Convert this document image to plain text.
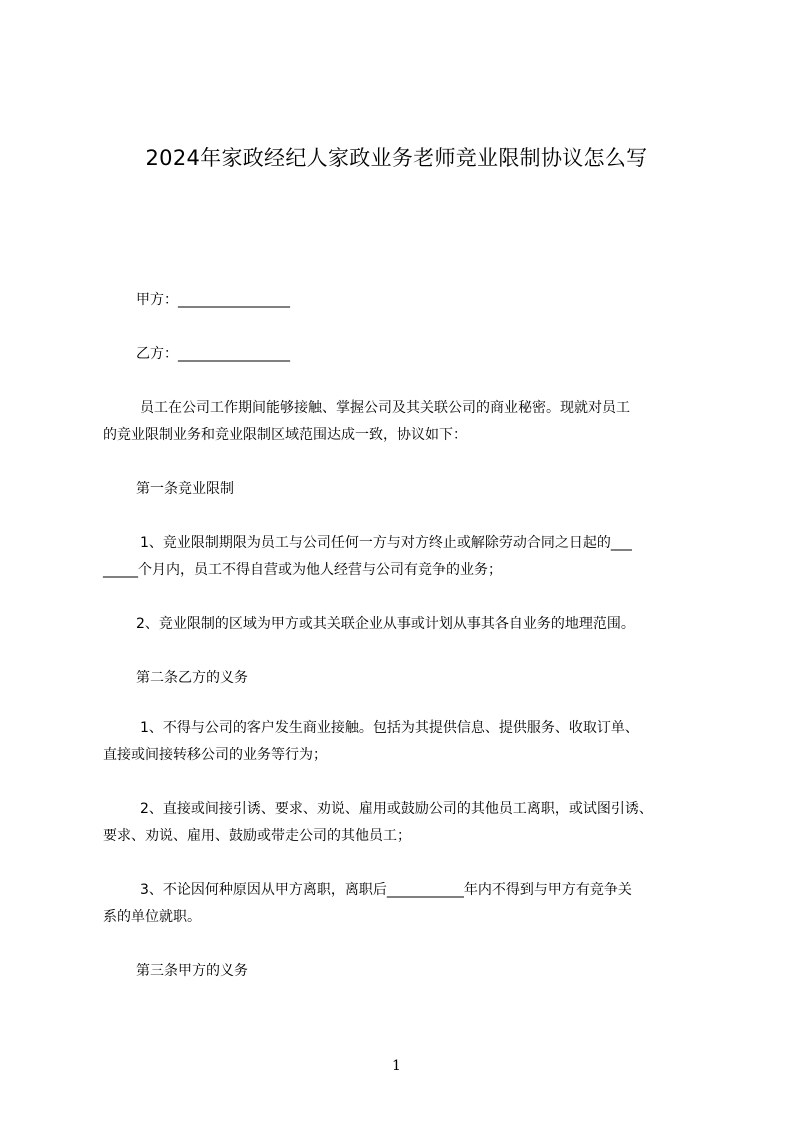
2024年家政经纪人家政业务老师竞业限制协议怎么写
甲方：________________
乙方：________________
员工在公司工作期间能够接触、掌握公司及其关联公司的商业秘密。现就对员工
的竞业限制业务和竞业限制区域范围达成一致，协议如下：
第一条竞业限制
1、竞业限制期限为员工与公司任何一方与对方终止或解除劳动合同之日起的___
_____个月内，员工不得自营或为他人经营与公司有竞争的业务；
2、竞业限制的区域为甲方或其关联企业从事或计划从事其各自业务的地理范围。
第二条乙方的义务
1、不得与公司的客户发生商业接触。包括为其提供信息、提供服务、收取订单、
直接或间接转移公司的业务等行为；
2、直接或间接引诱、要求、劝说、雇用或鼓励公司的其他员工离职，或试图引诱、
要求、劝说、雇用、鼓励或带走公司的其他员工；
3、不论因何种原因从甲方离职，离职后___________年内不得到与甲方有竞争关
系的单位就职。
第三条甲方的义务
1
